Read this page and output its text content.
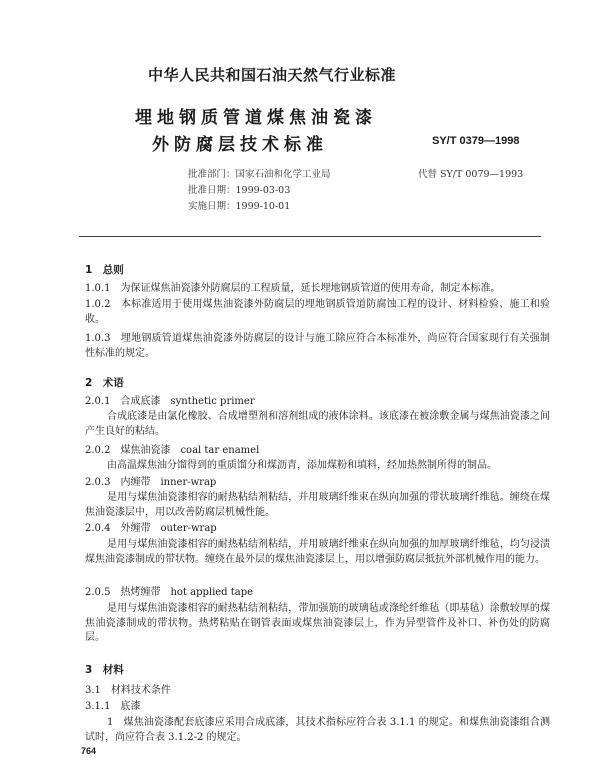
中华人民共和国石油天然气行业标准
埋地钢质管道煤焦油瓷漆
外防腐层技术标准	SY/T 0379—1998
批准部门：国家石油和化学工业局
批准日期：1999-03-03
实施日期：1999-10-01
代替 SY/T 0079—1993
1　总则
1.0.1　为保证煤焦油瓷漆外防腐层的工程质量，延长埋地钢质管道的使用寿命，制定本标准。
1.0.2　本标准适用于使用煤焦油瓷漆外防腐层的埋地钢质管道防腐蚀工程的设计、材料检验、施工和验收。
1.0.3　埋地钢质管道煤焦油瓷漆外防腐层的设计与施工除应符合本标准外，尚应符合国家现行有关强制性标准的规定。
2　术语
2.0.1　合成底漆　synthetic primer
合成底漆是由氯化橡胶、合成增塑剂和溶剂组成的液体涂料。该底漆在被涂敷金属与煤焦油瓷漆之间产生良好的粘结。
2.0.2　煤焦油瓷漆　coal tar enamel
由高温煤焦油分馏得到的重质馏分和煤沥青，添加煤粉和填料，经加热熬制所得的制品。
2.0.3　内缠带　inner-wrap
是用与煤焦油瓷漆相容的耐热粘结剂粘结，并用玻璃纤维束在纵向加强的带状玻璃纤维毡。缠绕在煤焦油瓷漆层中，用以改善防腐层机械性能。
2.0.4　外缠带　outer-wrap
是用与煤焦油瓷漆相容的耐热粘结剂粘结，并用玻璃纤维束在纵向加强的加厚玻璃纤维毡，均匀浸渍煤焦油瓷漆制成的带状物。缠绕在最外层的煤焦油瓷漆层上，用以增强防腐层抵抗外部机械作用的能力。
2.0.5　热烤缠带　hot applied tape
是用与煤焦油瓷漆相容的耐热粘结剂粘结，带加强筋的玻璃毡或涤纶纤维毡（即基毡）涂敷较厚的煤焦油瓷漆制成的带状物。热烤粘贴在钢管表面或煤焦油瓷漆层上，作为异型管件及补口、补伤处的防腐层。
3　材料
3.1　材料技术条件
3.1.1　底漆
1　煤焦油瓷漆配套底漆应采用合成底漆，其技术指标应符合表 3.1.1 的规定。和煤焦油瓷漆组合测试时，尚应符合表 3.1.2-2 的规定。
764
